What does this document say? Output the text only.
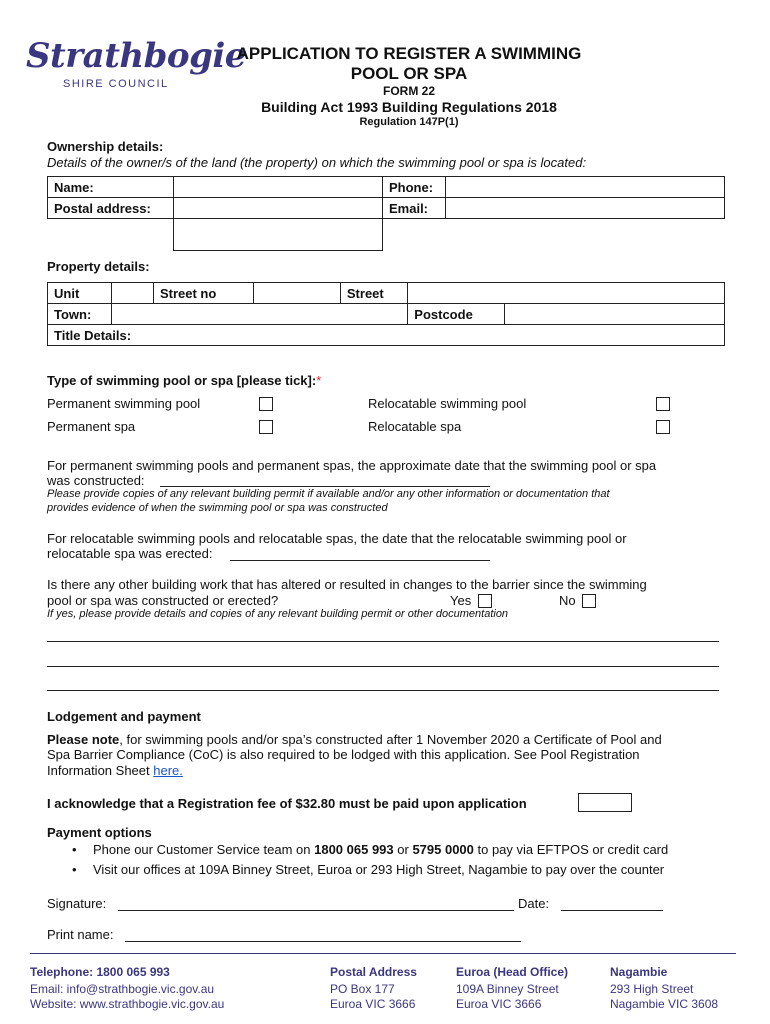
Strathbogie
SHIRE COUNCIL
APPLICATION TO REGISTER A SWIMMING
POOL OR SPA
FORM 22
Building Act 1993 Building Regulations 2018
Regulation 147P(1)
Ownership details:
Details of the owner/s of the land (the property) on which the swimming pool or spa is located:
Name:		Phone:	
Postal address:		Email:	
Property details:
Unit		Street no		Street		
Town:					Postcode	
Title Details:						
Type of swimming pool or spa [please tick]:*
Permanent swimming pool	Relocatable swimming pool
Permanent spa	Relocatable spa
For permanent swimming pools and permanent spas, the approximate date that the swimming pool or spa
was constructed:
Please provide copies of any relevant building permit if available and/or any other information or documentation that
provides evidence of when the swimming pool or spa was constructed
For relocatable swimming pools and relocatable spas, the date that the relocatable swimming pool or
relocatable spa was erected:
Is there any other building work that has altered or resulted in changes to the barrier since the swimming
pool or spa was constructed or erected?	Yes	No
If yes, please provide details and copies of any relevant building permit or other documentation
Lodgement and payment
Please note, for swimming pools and/or spa’s constructed after 1 November 2020 a Certificate of Pool and
Spa Barrier Compliance (CoC) is also required to be lodged with this application. See Pool Registration
Information Sheet here.
I acknowledge that a Registration fee of $32.80 must be paid upon application
Payment options
• Phone our Customer Service team on 1800 065 993 or 5795 0000 to pay via EFTPOS or credit card
• Visit our offices at 109A Binney Street, Euroa or 293 High Street, Nagambie to pay over the counter
Signature:	Date:
Print name:
Telephone: 1800 065 993
Email: info@strathbogie.vic.gov.au
Website: www.strathbogie.vic.gov.au
Postal Address
PO Box 177
Euroa VIC 3666
Euroa (Head Office)
109A Binney Street
Euroa VIC 3666
Nagambie
293 High Street
Nagambie VIC 3608
